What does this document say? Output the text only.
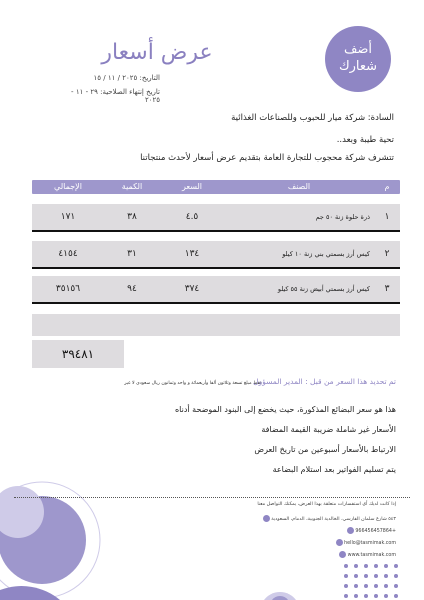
أضف
شعارك
عرض أسعار
التاريخ: ٢٠٢٥ / ١١ / ١٥
تاريخ إنتهاء الصلاحية: ٢٩ - ١١ - ٢٠٢٥
السادة: شركة ميار للحبوب وللصناعات الغذائية
تحية طيبة وبعد..
تتشرف شركة محجوب للتجارة العامة بتقديم عرض أسعار لأحدث منتجاتنا
م
الصنف
السعر
الكمية
الإجمالي
١
ذرة حلوة زنة ٥٠ جم
٤.٥
٣٨
١٧١
٢
كيس أرز بسمتي بني زنة ١٠ كيلو
١٣٤
٣١
٤١٥٤
٣
كيس أرز بسمتي أبيض زنة ٥٥ كيلو
٣٧٤
٩٤
٣٥١٥٦
٣٩٤٨١
فقط مبلغ تسعة وثلاثون ألفا وأربعمائة و واحد وثمانون ريال سعودي لا غير
تم تحديد هذا السعر من قبل : المدير المسؤول
هذا هو سعر البضائع المذكورة، حيث يخضع إلى البنود الموضحة أدناه
الأسعار غير شاملة ضريبة القيمة المضافة
الارتباط بالأسعار أسبوعين من تاريخ العرض
يتم تسليم الفواتير بعد استلام البضاعة
إذا كانت لديك أي استفسارات متعلقة بهذا العرض، يمكنك التواصل معنا
٥٤٣ شارع سلمان الفارسي، الخالدية الجنوبية، الدمام، السعودية
+966456457864
hello@tasmimak.com
www.tasmimak.com
